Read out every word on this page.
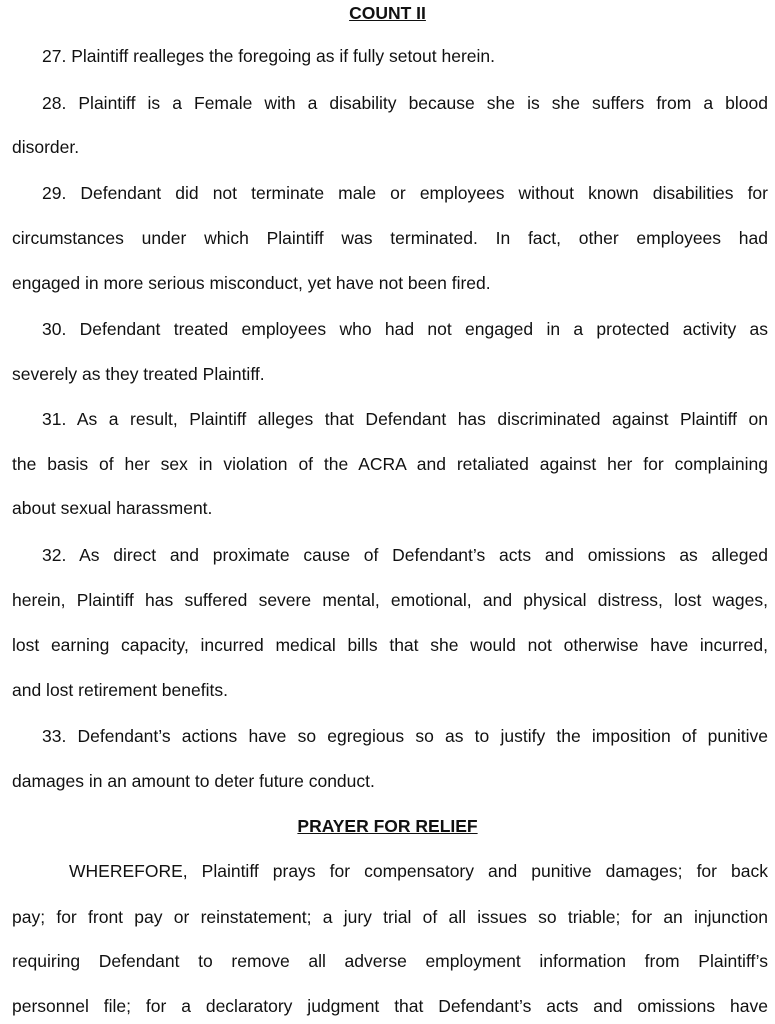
COUNT II
27. Plaintiff realleges the foregoing as if fully setout herein.
28. Plaintiff is a Female with a disability because she is she suffers from a blood
disorder.
29. Defendant did not terminate male or employees without known disabilities for
circumstances under which Plaintiff was terminated. In fact, other employees had
engaged in more serious misconduct, yet have not been fired.
30. Defendant treated employees who had not engaged in a protected activity as
severely as they treated Plaintiff.
31. As a result, Plaintiff alleges that Defendant has discriminated against Plaintiff on
the basis of her sex in violation of the ACRA and retaliated against her for complaining
about sexual harassment.
32. As direct and proximate cause of Defendant’s acts and omissions as alleged
herein, Plaintiff has suffered severe mental, emotional, and physical distress, lost wages,
lost earning capacity, incurred medical bills that she would not otherwise have incurred,
and lost retirement benefits.
33. Defendant’s actions have so egregious so as to justify the imposition of punitive
damages in an amount to deter future conduct.
PRAYER FOR RELIEF
WHEREFORE, Plaintiff prays for compensatory and punitive damages; for back
pay; for front pay or reinstatement; a jury trial of all issues so triable; for an injunction
requiring Defendant to remove all adverse employment information from Plaintiff’s
personnel file; for a declaratory judgment that Defendant’s acts and omissions have
